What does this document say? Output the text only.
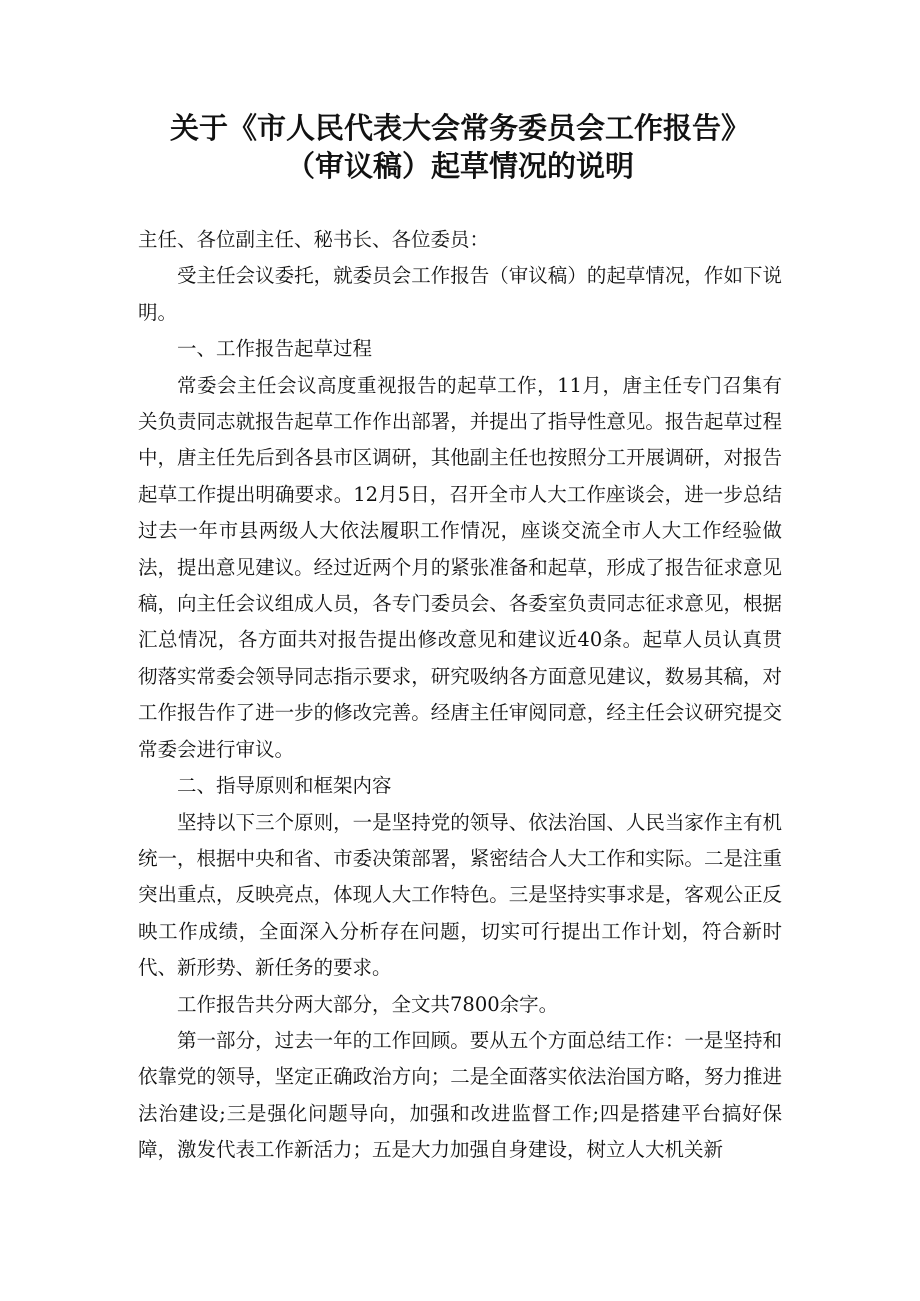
关于《市人民代表大会常务委员会工作报告》
（审议稿）起草情况的说明

主任、各位副主任、秘书长、各位委员：

受主任会议委托，就委员会工作报告（审议稿）的起草情况，作如下说明。

一、工作报告起草过程

常委会主任会议高度重视报告的起草工作，11月，唐主任专门召集有关负责同志就报告起草工作作出部署，并提出了指导性意见。报告起草过程中，唐主任先后到各县市区调研，其他副主任也按照分工开展调研，对报告起草工作提出明确要求。12月5日，召开全市人大工作座谈会，进一步总结过去一年市县两级人大依法履职工作情况，座谈交流全市人大工作经验做法，提出意见建议。经过近两个月的紧张准备和起草，形成了报告征求意见稿，向主任会议组成人员，各专门委员会、各委室负责同志征求意见，根据汇总情况，各方面共对报告提出修改意见和建议近40条。起草人员认真贯彻落实常委会领导同志指示要求，研究吸纳各方面意见建议，数易其稿，对工作报告作了进一步的修改完善。经唐主任审阅同意，经主任会议研究提交常委会进行审议。

二、指导原则和框架内容

坚持以下三个原则，一是坚持党的领导、依法治国、人民当家作主有机统一，根据中央和省、市委决策部署，紧密结合人大工作和实际。二是注重突出重点，反映亮点，体现人大工作特色。三是坚持实事求是，客观公正反映工作成绩，全面深入分析存在问题，切实可行提出工作计划，符合新时代、新形势、新任务的要求。

工作报告共分两大部分，全文共7800余字。

第一部分，过去一年的工作回顾。要从五个方面总结工作：一是坚持和依靠党的领导，坚定正确政治方向；二是全面落实依法治国方略，努力推进法治建设;三是强化问题导向，加强和改进监督工作;四是搭建平台搞好保障，激发代表工作新活力；五是大力加强自身建设，树立人大机关新
